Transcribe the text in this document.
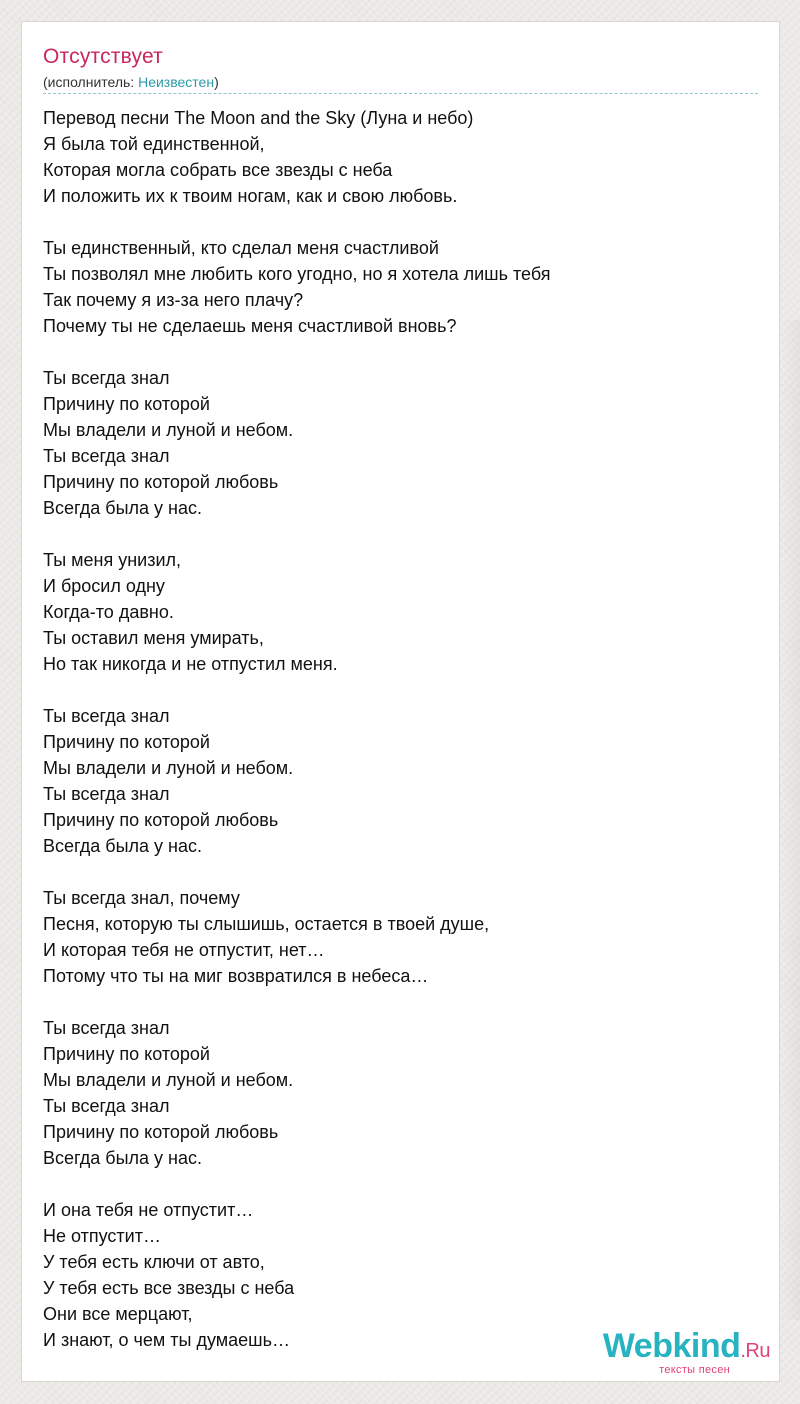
Отсутствует
(исполнитель: Неизвестен)
Перевод песни The Moon and the Sky (Луна и небо)
Я была той единственной,
Которая могла собрать все звезды с неба
И положить их к твоим ногам, как и свою любовь.
Ты единственный, кто сделал меня счастливой
Ты позволял мне любить кого угодно, но я хотела лишь тебя
Так почему я из-за него плачу?
Почему ты не сделаешь меня счастливой вновь?
Ты всегда знал
Причину по которой
Мы владели и луной и небом.
Ты всегда знал
Причину по которой любовь
Всегда была у нас.
Ты меня унизил,
И бросил одну
Когда-то давно.
Ты оставил меня умирать,
Но так никогда и не отпустил меня.
Ты всегда знал
Причину по которой
Мы владели и луной и небом.
Ты всегда знал
Причину по которой любовь
Всегда была у нас.
Ты всегда знал, почему
Песня, которую ты слышишь, остается в твоей душе,
И которая тебя не отпустит, нет…
Потому что ты на миг возвратился в небеса…
Ты всегда знал
Причину по которой
Мы владели и луной и небом.
Ты всегда знал
Причину по которой любовь
Всегда была у нас.
И она тебя не отпустит…
Не отпустит…
У тебя есть ключи от авто,
У тебя есть все звезды с неба
Они все мерцают,
И знают, о чем ты думаешь…	Webkind.Ru
тексты песен
